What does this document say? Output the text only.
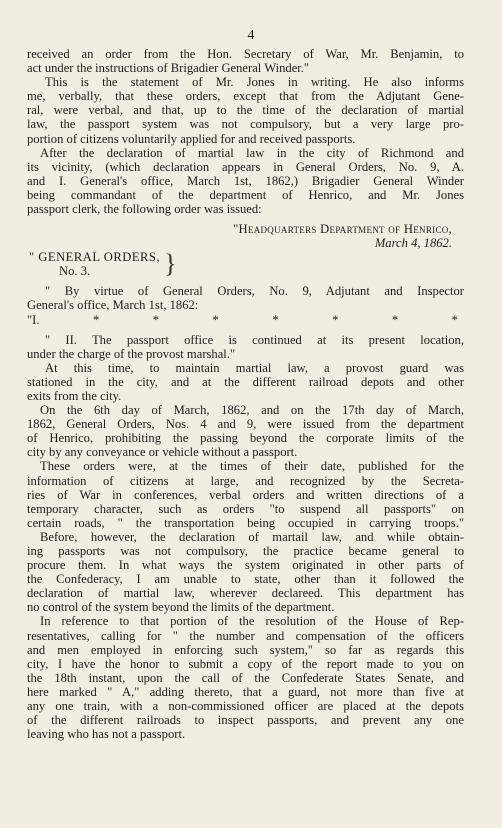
4
received an order from the Hon. Secretary of War, Mr. Benjamin, to
act under the instructions of Brigadier General Winder."
This is the statement of Mr. Jones in writing. He also informs
me, verbally, that these orders, except that from the Adjutant Gene-
ral, were verbal, and that, up to the time of the declaration of martial
law, the passport system was not compulsory, but a very large pro-
portion of citizens voluntarily applied for and received passports.
After the declaration of martial law in the city of Richmond and
its vicinity, (which declaration appears in General Orders, No. 9, A.
and I. General's office, March 1st, 1862,) Brigadier General Winder
being commandant of the department of Henrico, and Mr. Jones
passport clerk, the following order was issued:
"Headquarters Department of Henrico,
March 4, 1862.
" GENERAL ORDERS,
No. 3.	}
" By virtue of General Orders, No. 9, Adjutant and Inspector
General's office, March 1st, 1862:
"I.	*	*	*	*	*	*	*
" II. The passport office is continued at its present location,
under the charge of the provost marshal."
At this time, to maintain martial law, a provost guard was
stationed in the city, and at the different railroad depots and other
exits from the city.
On the 6th day of March, 1862, and on the 17th day of March,
1862, General Orders, Nos. 4 and 9, were issued from the department
of Henrico, prohibiting the passing beyond the corporate limits of the
city by any conveyance or vehicle without a passport.
These orders were, at the times of their date, published for the
information of citizens at large, and recognized by the Secreta-
ries of War in conferences, verbal orders and written directions of a
temporary character, such as orders "to suspend all passports" on
certain roads, " the transportation being occupied in carrying troops."
Before, however, the declaration of martail law, and while obtain-
ing passports was not compulsory, the practice became general to
procure them. In what ways the system originated in other parts of
the Confederacy, I am unable to state, other than it followed the
declaration of martial law, wherever declareed. This department has
no control of the system beyond the limits of the department.
In reference to that portion of the resolution of the House of Rep-
resentatives, calling for " the number and compensation of the officers
and men employed in enforcing such system," so far as regards this
city, I have the honor to submit a copy of the report made to you on
the 18th instant, upon the call of the Confederate States Senate, and
here marked " A," adding thereto, that a guard, not more than five at
any one train, with a non-commissioned officer are placed at the depots
of the different railroads to inspect passports, and prevent any one
leaving who has not a passport.
